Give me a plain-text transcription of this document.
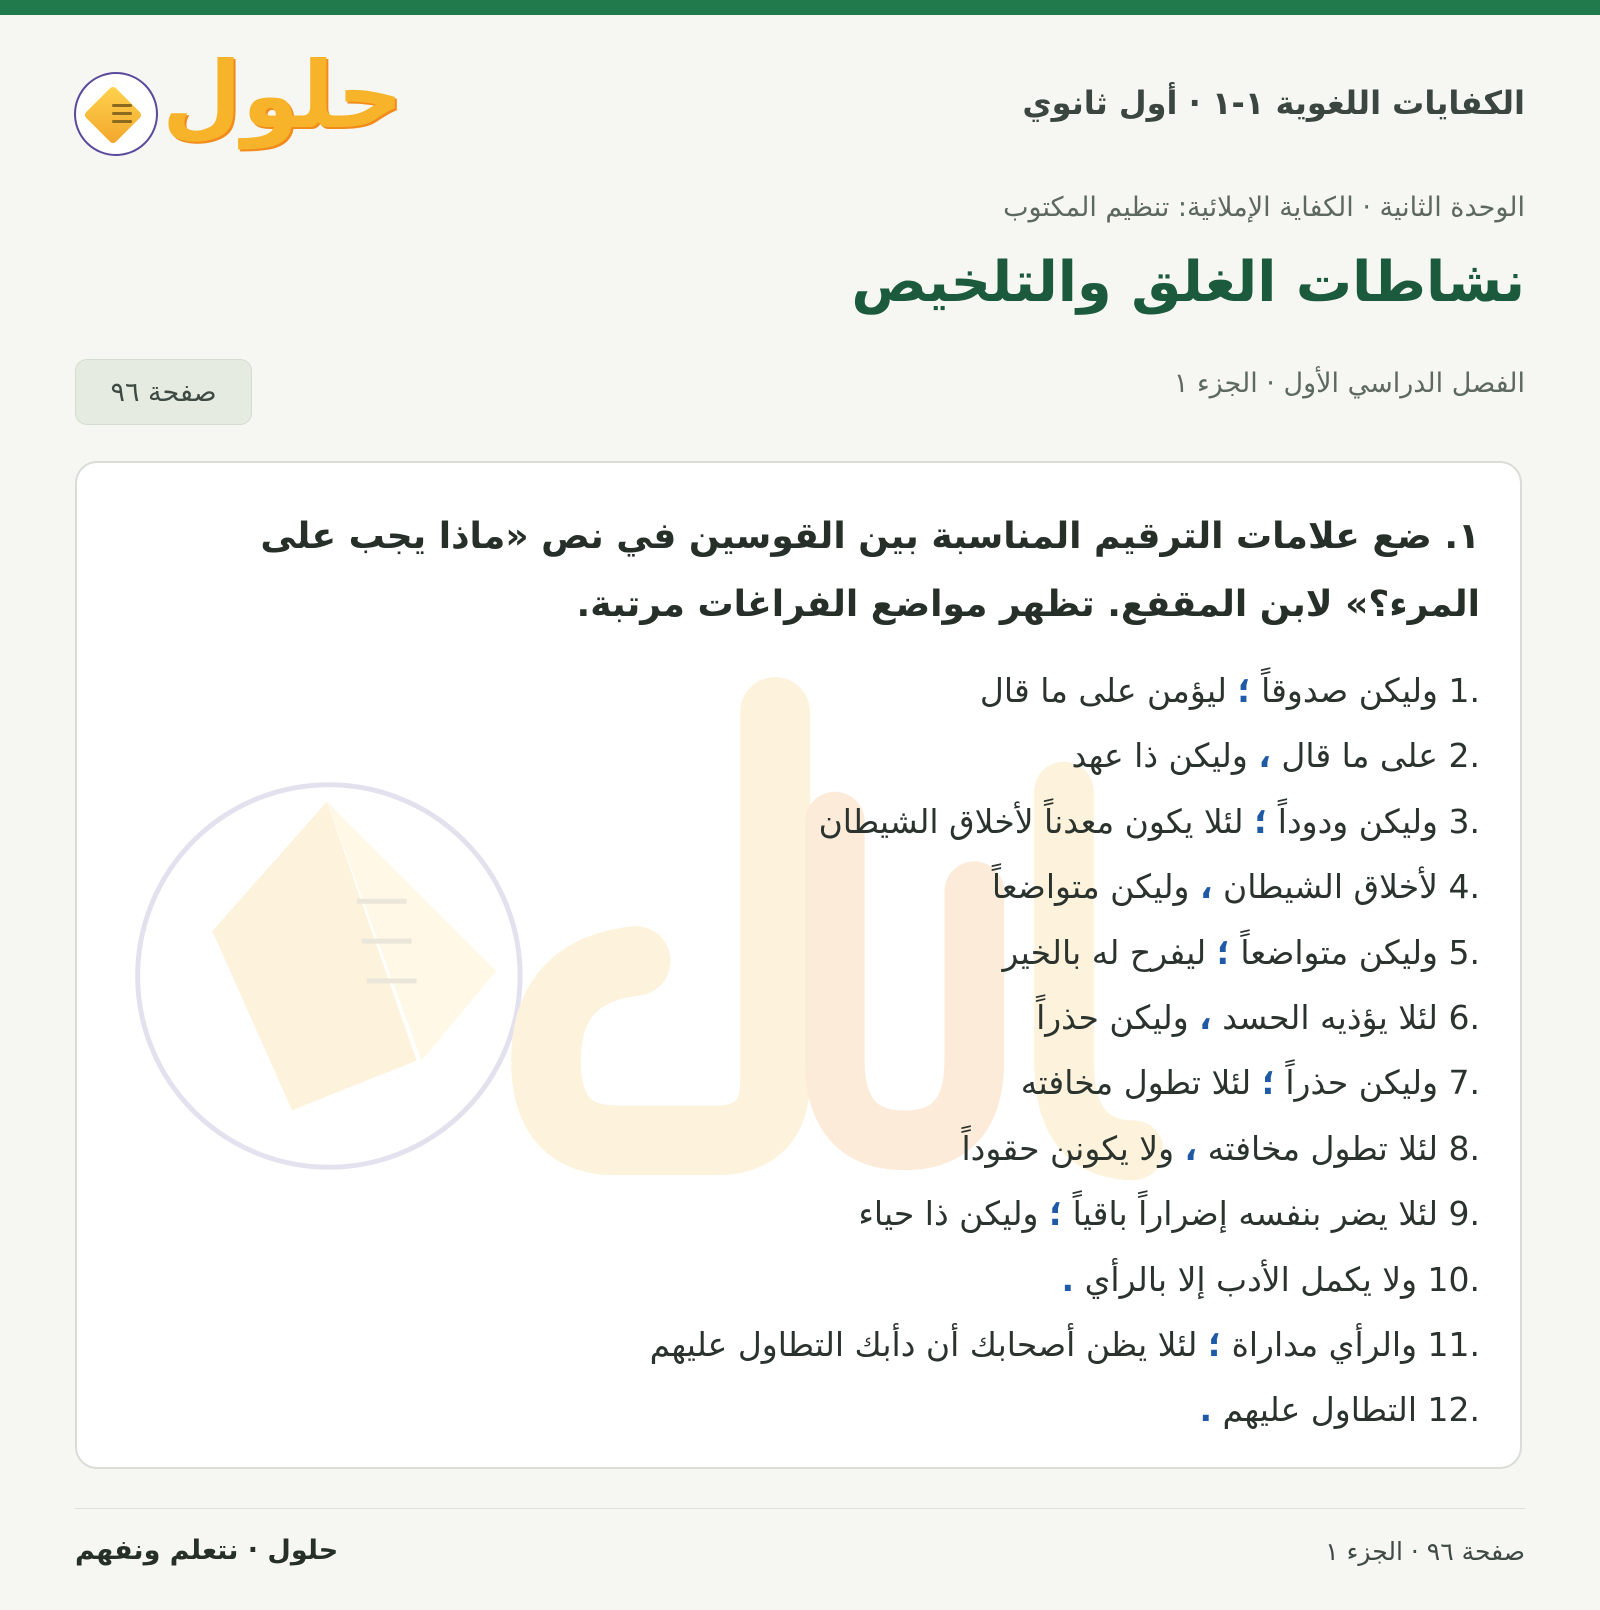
الكفايات اللغوية ١-١ · أول ثانوي
حلول
الوحدة الثانية · الكفاية الإملائية: تنظيم المكتوب
نشاطات الغلق والتلخيص
الفصل الدراسي الأول · الجزء ١
صفحة ٩٦
١. ضع علامات الترقيم المناسبة بين القوسين في نص «ماذا يجب على المرء؟» لابن المقفع. تظهر مواضع الفراغات مرتبة.
1. وليكن صدوقاً ؛ ليؤمن على ما قال
2. على ما قال ، وليكن ذا عهد
3. وليكن ودوداً ؛ لئلا يكون معدناً لأخلاق الشيطان
4. لأخلاق الشيطان ، وليكن متواضعاً
5. وليكن متواضعاً ؛ ليفرح له بالخير
6. لئلا يؤذيه الحسد ، وليكن حذراً
7. وليكن حذراً ؛ لئلا تطول مخافته
8. لئلا تطول مخافته ، ولا يكونن حقوداً
9. لئلا يضر بنفسه إضراراً باقياً ؛ وليكن ذا حياء
10. ولا يكمل الأدب إلا بالرأي .
11. والرأي مداراة ؛ لئلا يظن أصحابك أن دأبك التطاول عليهم
12. التطاول عليهم .
صفحة ٩٦ · الجزء ١
حلول · نتعلم ونفهم
